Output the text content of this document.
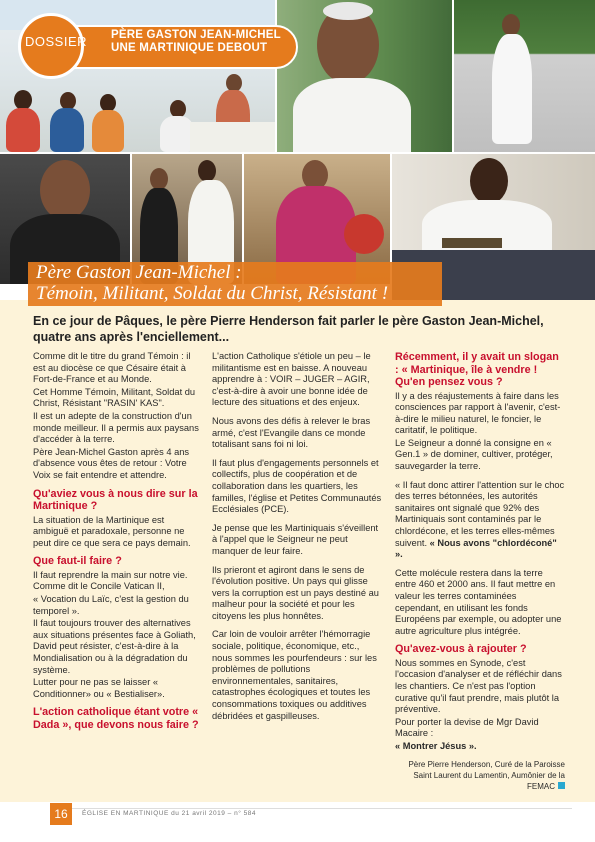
DOSSIER PÈRE GASTON JEAN-MICHEL
UNE MARTINIQUE DEBOUT
Père Gaston Jean-Michel :
Témoin, Militant, Soldat du Christ, Résistant !
En ce jour de Pâques, le père Pierre Henderson fait parler le père Gaston Jean-Michel, quatre ans après l'enciellement...

Comme dit le titre du grand Témoin : il est au diocèse ce que Césaire était à Fort-de-France et au Monde.

Cet Homme Témoin, Militant, Soldat du Christ, Résistant "RASIN' KAS".

Il est un adepte de la construction d'un monde meilleur. Il a permis aux paysans d'accéder à la terre.

Père Jean-Michel Gaston après 4 ans d'absence vous êtes de retour : Votre Voix se fait entendre et attendre.

Qu'aviez vous à nous dire sur la Martinique ?

La situation de la Martinique est ambiguë et paradoxale, personne ne peut dire ce que sera ce pays demain.

Que faut-il faire ?

Il faut reprendre la main sur notre vie. Comme dit le Concile Vatican II,

« Vocation du Laïc, c'est la gestion du temporel ».

Il faut toujours trouver des alternatives aux situations présentes face à Goliath, David peut résister, c'est-à-dire à la Mondialisation ou à la dégradation du système.

Lutter pour ne pas se laisser « Conditionner» ou « Bestialiser».

L'action catholique étant votre « Dada », que devons nous faire ?

L'action Catholique s'étiole un peu – le militantisme est en baisse. A nouveau apprendre à : VOIR – JUGER – AGIR, c'est-à-dire à avoir une bonne idée de lecture des situations et des enjeux.

Nous avons des défis à relever le bras armé, c'est l'Evangile dans ce monde totalisant sans foi ni loi.

Il faut plus d'engagements personnels et collectifs, plus de coopération et de collaboration dans les quartiers, les familles, l'église et Petites Communautés Ecclésiales (PCE).

Je pense que les Martiniquais s'éveillent à l'appel que le Seigneur ne peut manquer de leur faire.

Ils prieront et agiront dans le sens de l'évolution positive. Un pays qui glisse vers la corruption est un pays destiné au malheur pour la société et pour les citoyens les plus honnêtes.

Car loin de vouloir arrêter l'hémorragie sociale, politique, économique, etc., nous sommes les pourfendeurs : sur les problèmes de pollutions environnementales, sanitaires, catastrophes écologiques et toutes les consommations toxiques ou additives débridées et gaspilleuses.

Récemment, il y avait un slogan : « Martinique, île à vendre ! Qu'en pensez vous ?

Il y a des réajustements à faire dans les consciences par rapport à l'avenir, c'est-à-dire le milieu naturel, le foncier, le caritatif, le politique.

Le Seigneur a donné la consigne en « Gen.1 » de dominer, cultiver, protéger, sauvegarder la terre.

« Il faut donc attirer l'attention sur le choc des terres bétonnées, les autorités sanitaires ont signalé que 92% des Martiniquais sont contaminés par le chlordécone, et les terres elles-mêmes suivent. « Nous avons "chlordéconé" ».

Cette molécule restera dans la terre entre 460 et 2000 ans. Il faut mettre en valeur les terres contaminées cependant, en utilisant les fonds Européens par exemple, ou adopter une autre agriculture plus intégrée.

Qu'avez-vous à rajouter ?

Nous sommes en Synode, c'est l'occasion d'analyser et de réfléchir dans les chantiers. Ce n'est pas l'option curative qu'il faut prendre, mais plutôt la préventive.

Pour porter la devise de Mgr David Macaire :

« Montrer Jésus ».

Père Pierre Henderson, Curé de la Paroisse
Saint Laurent du Lamentin, Aumônier de la FEMAC
16	ÉGLISE EN MARTINIQUE du 21 avril 2019 – n° 584
